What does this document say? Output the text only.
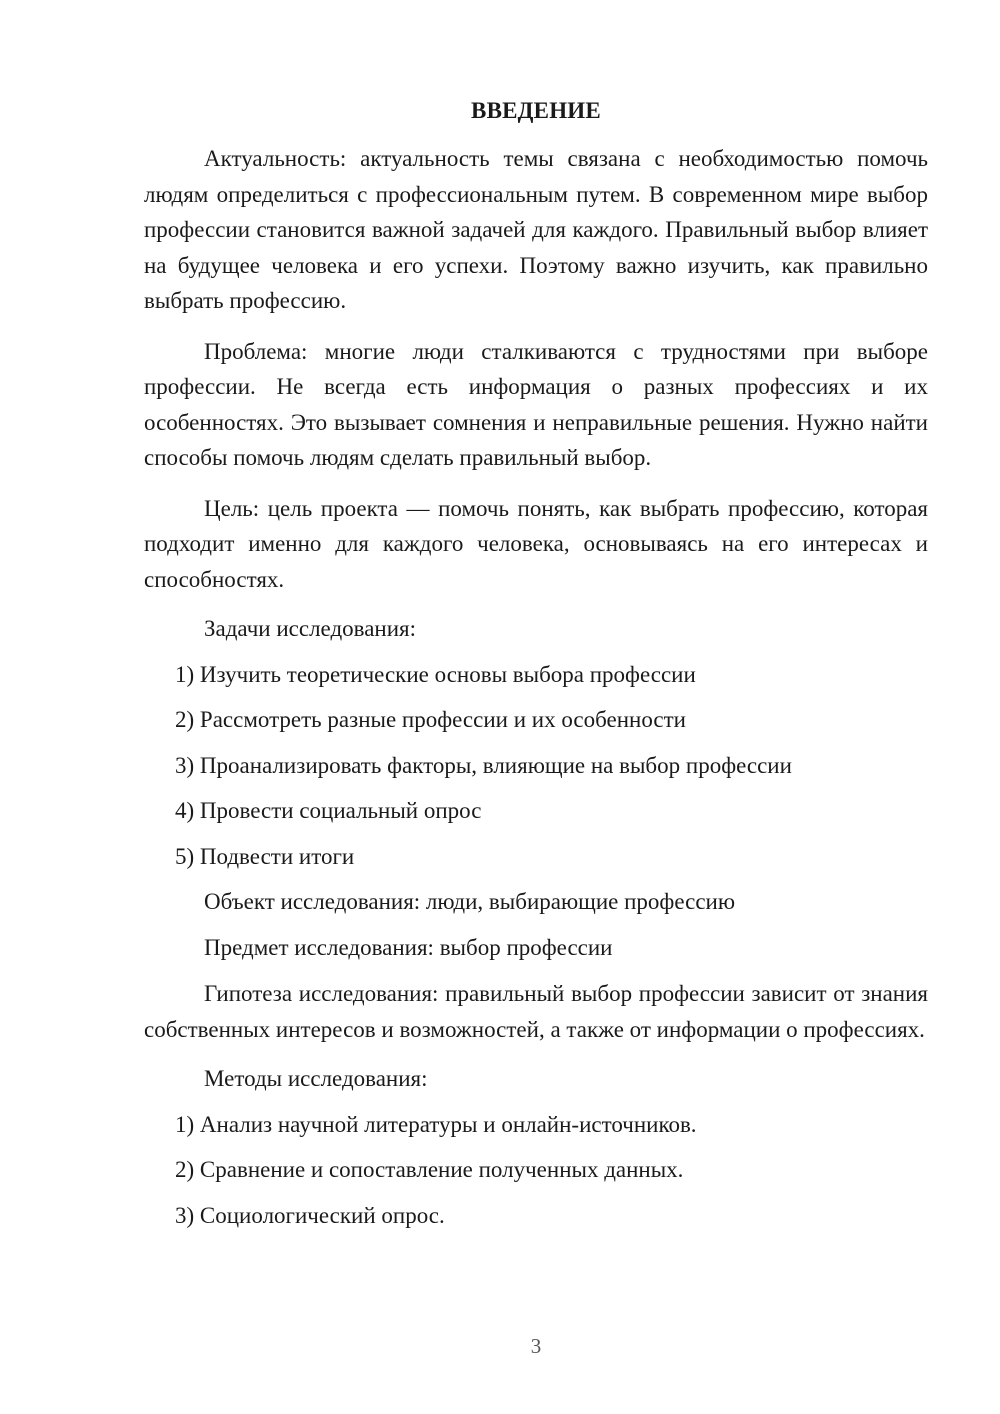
ВВЕДЕНИЕ

Актуальность: актуальность темы связана с необходимостью помочь людям определиться с профессиональным путем. В современном мире выбор профессии становится важной задачей для каждого. Правильный выбор влияет на будущее человека и его успехи. Поэтому важно изучить, как правильно выбрать профессию.

Проблема: многие люди сталкиваются с трудностями при выборе профессии. Не всегда есть информация о разных профессиях и их особенностях. Это вызывает сомнения и неправильные решения. Нужно найти способы помочь людям сделать правильный выбор.

Цель: цель проекта — помочь понять, как выбрать профессию, которая подходит именно для каждого человека, основываясь на его интересах и способностях.

Задачи исследования:
1) Изучить теоретические основы выбора профессии
2) Рассмотреть разные профессии и их особенности
3) Проанализировать факторы, влияющие на выбор профессии
4) Провести социальный опрос
5) Подвести итоги
Объект исследования: люди, выбирающие профессию
Предмет исследования: выбор профессии

Гипотеза исследования: правильный выбор профессии зависит от знания собственных интересов и возможностей, а также от информации о профессиях.

Методы исследования:
1) Анализ научной литературы и онлайн-источников.
2) Сравнение и сопоставление полученных данных.
3) Социологический опрос.
3
